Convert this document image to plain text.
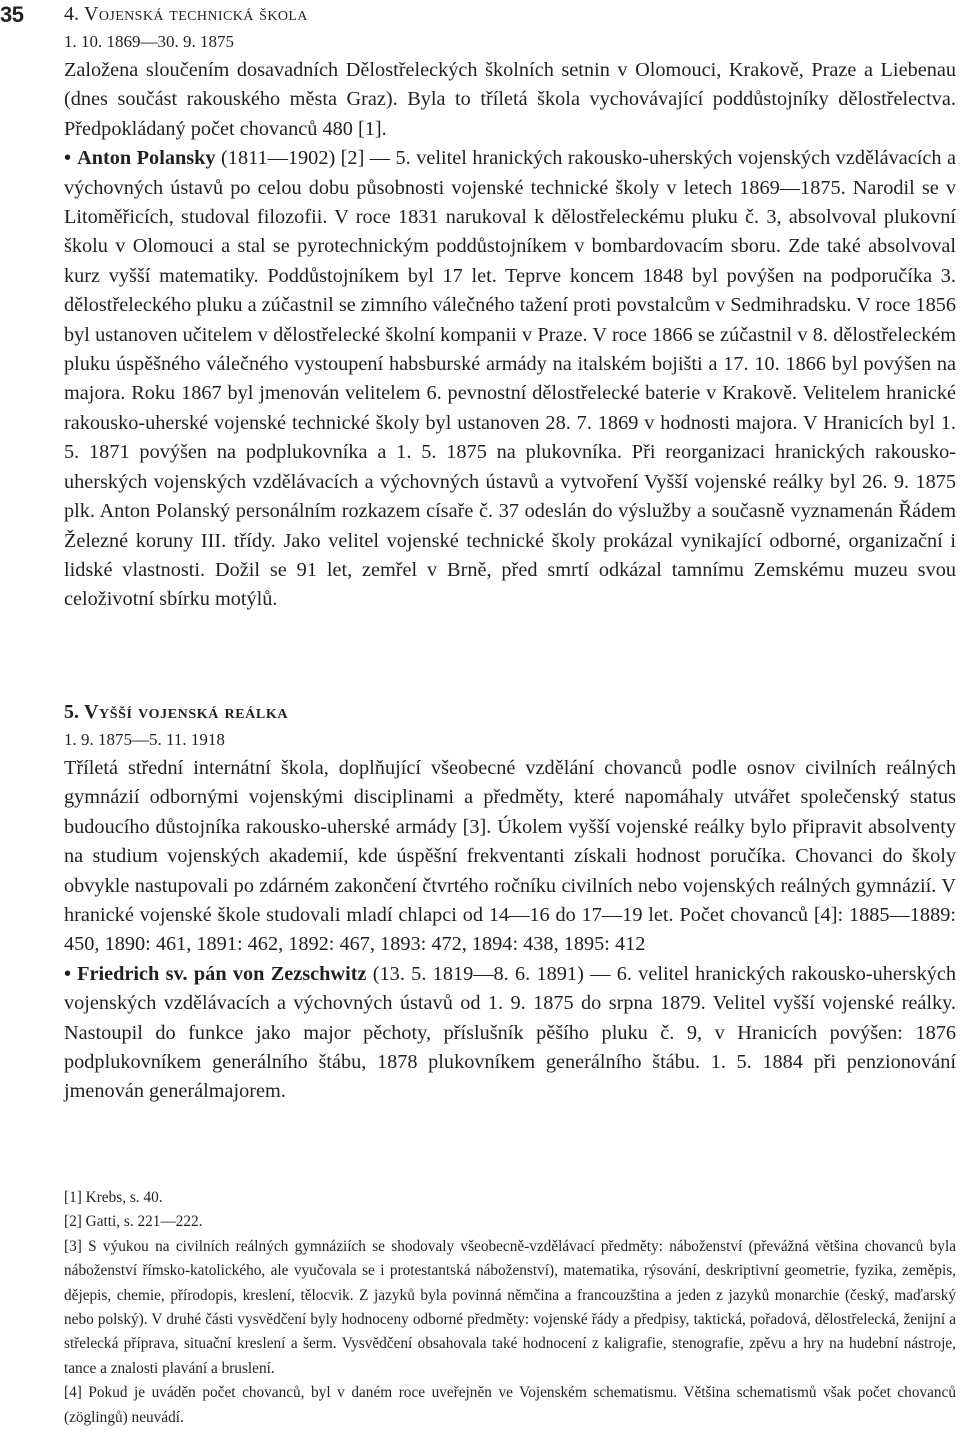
35 4. Vojenská technická škola

1. 10. 1869—30. 9. 1875

Založena sloučením dosavadních Dělostřeleckých školních setnin v Olomouci, Krakově, Praze a Liebenau (dnes součást rakouského města Graz). Byla to tříletá škola vychovávající poddůstojníky dělostřelectva. Předpokládaný počet chovanců 480 [1].

• Anton Polansky (1811—1902) [2] — 5. velitel hranických rakousko-uherských vojenských vzdělávacích a výchovných ústavů po celou dobu působnosti vojenské technické školy v letech 1869—1875. Narodil se v Litoměřicích, studoval filozofii. V roce 1831 narukoval k dělostřeleckému pluku č. 3, absolvoval plukovní školu v Olomouci a stal se pyrotechnickým poddůstojníkem v bombardovacím sboru. Zde také absolvoval kurz vyšší matematiky. Poddůstojníkem byl 17 let. Teprve koncem 1848 byl povýšen na podporučíka 3. dělostřeleckého pluku a zúčastnil se zimního válečného tažení proti povstalcům v Sedmihradsku. V roce 1856 byl ustanoven učitelem v dělostřelecké školní kompanii v Praze. V roce 1866 se zúčastnil v 8. dělostřeleckém pluku úspěšného válečného vystoupení habsburské armády na italském bojišti a 17. 10. 1866 byl povýšen na majora. Roku 1867 byl jmenován velitelem 6. pevnostní dělostřelecké baterie v Krakově. Velitelem hranické rakousko-uherské vojenské technické školy byl ustanoven 28. 7. 1869 v hodnosti majora. V Hranicích byl 1. 5. 1871 povýšen na podplukovníka a 1. 5. 1875 na plukovníka. Při reorganizaci hranických rakousko-uherských vojenských vzdělávacích a výchovných ústavů a vytvoření Vyšší vojenské reálky byl 26. 9. 1875 plk. Anton Polanský personálním rozkazem císaře č. 37 odeslán do výslužby a současně vyznamenán Řádem Železné koruny III. třídy. Jako velitel vojenské technické školy prokázal vynikající odborné, organizační i lidské vlastnosti. Dožil se 91 let, zemřel v Brně, před smrtí odkázal tamnímu Zemskému muzeu svou celoživotní sbírku motýlů.

5. Vyšší vojenská reálka

1. 9. 1875—5. 11. 1918

Tříletá střední internátní škola, doplňující všeobecné vzdělání chovanců podle osnov civilních reálných gymnázií odbornými vojenskými disciplinami a předměty, které napomáhaly utvářet společenský status budoucího důstojníka rakousko-uherské armády [3]. Úkolem vyšší vojenské reálky bylo připravit absolventy na studium vojenských akademií, kde úspěšní frekventanti získali hodnost poručíka. Chovanci do školy obvykle nastupovali po zdárném zakončení čtvrtého ročníku civilních nebo vojenských reálných gymnázií. V hranické vojenské škole studovali mladí chlapci od 14—16 do 17—19 let. Počet chovanců [4]: 1885—1889: 450, 1890: 461, 1891: 462, 1892: 467, 1893: 472, 1894: 438, 1895: 412

• Friedrich sv. pán von Zezschwitz (13. 5. 1819—8. 6. 1891) — 6. velitel hranických rakousko-uherských vojenských vzdělávacích a výchovných ústavů od 1. 9. 1875 do srpna 1879. Velitel vyšší vojenské reálky. Nastoupil do funkce jako major pěchoty, příslušník pěšího pluku č. 9, v Hranicích povýšen: 1876 podplukovníkem generálního štábu, 1878 plukovníkem generálního štábu. 1. 5. 1884 při penzionování jmenován generálmajorem.

[1] Krebs, s. 40.

[2] Gatti, s. 221—222.

[3] S výukou na civilních reálných gymnáziích se shodovaly všeobecně-vzdělávací předměty: náboženství (převážná většina chovanců byla náboženství římsko-katolického, ale vyučovala se i protestantská náboženství), matematika, rýsování, deskriptivní geometrie, fyzika, zeměpis, dějepis, chemie, přírodopis, kreslení, tělocvik. Z jazyků byla povinná němčina a francouzština a jeden z jazyků monarchie (český, maďarský nebo polský). V druhé části vysvědčení byly hodnoceny odborné předměty: vojenské řády a předpisy, taktická, pořadová, dělostřelecká, ženijní a střelecká příprava, situační kreslení a šerm. Vysvědčení obsahovala také hodnocení z kaligrafie, stenografie, zpěvu a hry na hudební nástroje, tance a znalosti plavání a bruslení.

[4] Pokud je uváděn počet chovanců, byl v daném roce uveřejněn ve Vojenském schematismu. Většina schematismů však počet chovanců (zöglingů) neuvádí.
